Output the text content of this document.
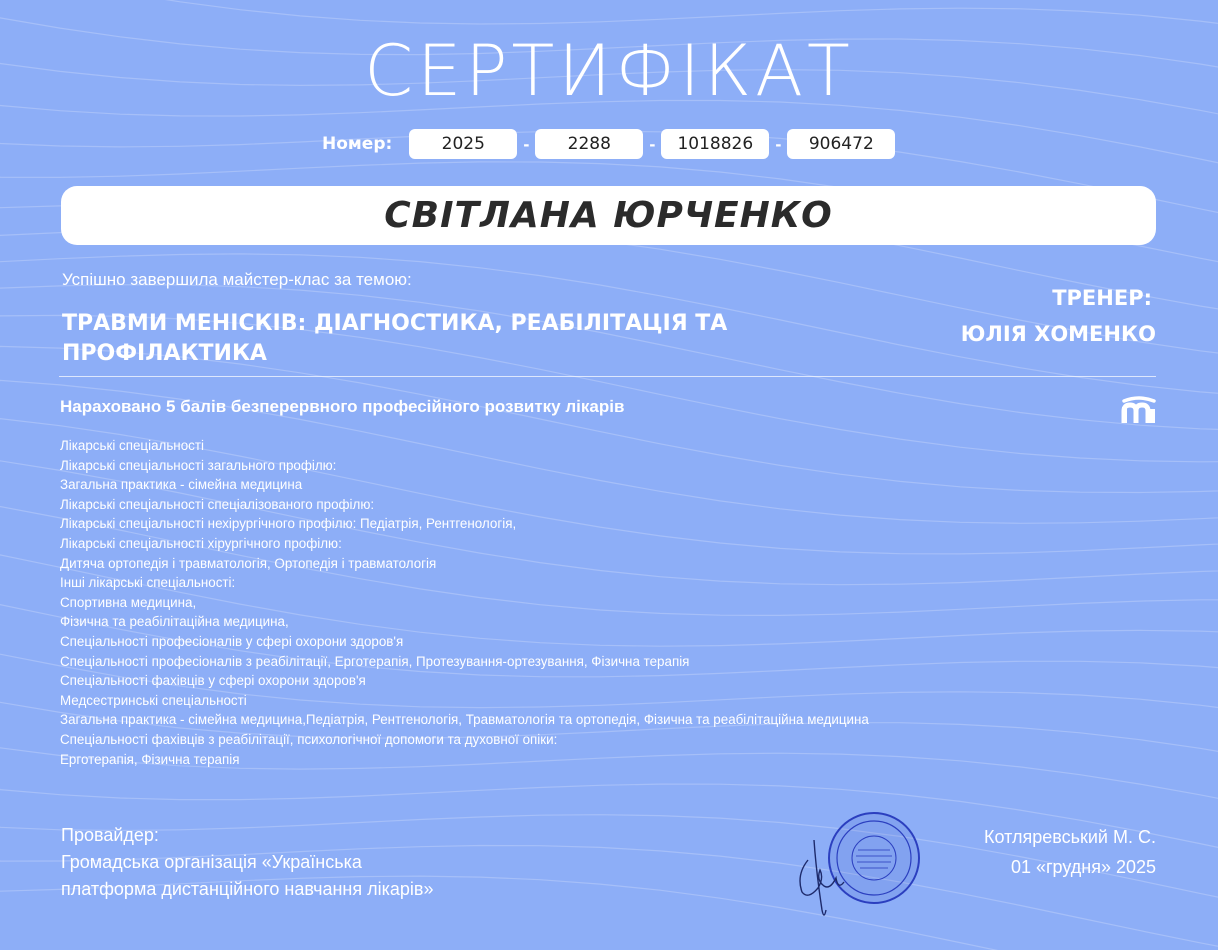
СЕРТИФІКАТ
Номер:	2025	-	2288	-	1018826	-	906472
СВІТЛАНА ЮРЧЕНКО
Успішно завершила майстер-клас за темою:
ТРАВМИ МЕНІСКІВ: ДІАГНОСТИКА, РЕАБІЛІТАЦІЯ ТА ПРОФІЛАКТИКА
ТРЕНЕР:
ЮЛІЯ ХОМЕНКО
Нараховано 5 балів безперервного професійного розвитку лікарів
Лікарські спеціальності
Лікарські спеціальності загального профілю:
Загальна практика - сімейна медицина
Лікарські спеціальності спеціалізованого профілю:
Лікарські спеціальності нехірургічного профілю: Педіатрія, Рентгенологія,
Лікарські спеціальності хірургічного профілю:
Дитяча ортопедія і травматологія, Ортопедія і травматологія
Інші лікарські спеціальності:
Спортивна медицина,
Фізична та реабілітаційна медицина,
Спеціальності професіоналів у сфері охорони здоров'я
Спеціальності професіоналів з реабілітації, Ерготерапія, Протезування-ортезування, Фізична терапія
Спеціальності фахівців у сфері охорони здоров'я
Медсестринські спеціальності
Загальна практика - сімейна медицина,Педіатрія, Рентгенологія, Травматологія та ортопедія, Фізична та реабілітаційна медицина
Спеціальності фахівців з реабілітації, психологічної допомоги та духовної опіки:
Ерготерапія, Фізична терапія
Провайдер:
Громадська організація «Українська
платформа дистанційного навчання лікарів»
Котляревський М. С.
01 «грудня» 2025
